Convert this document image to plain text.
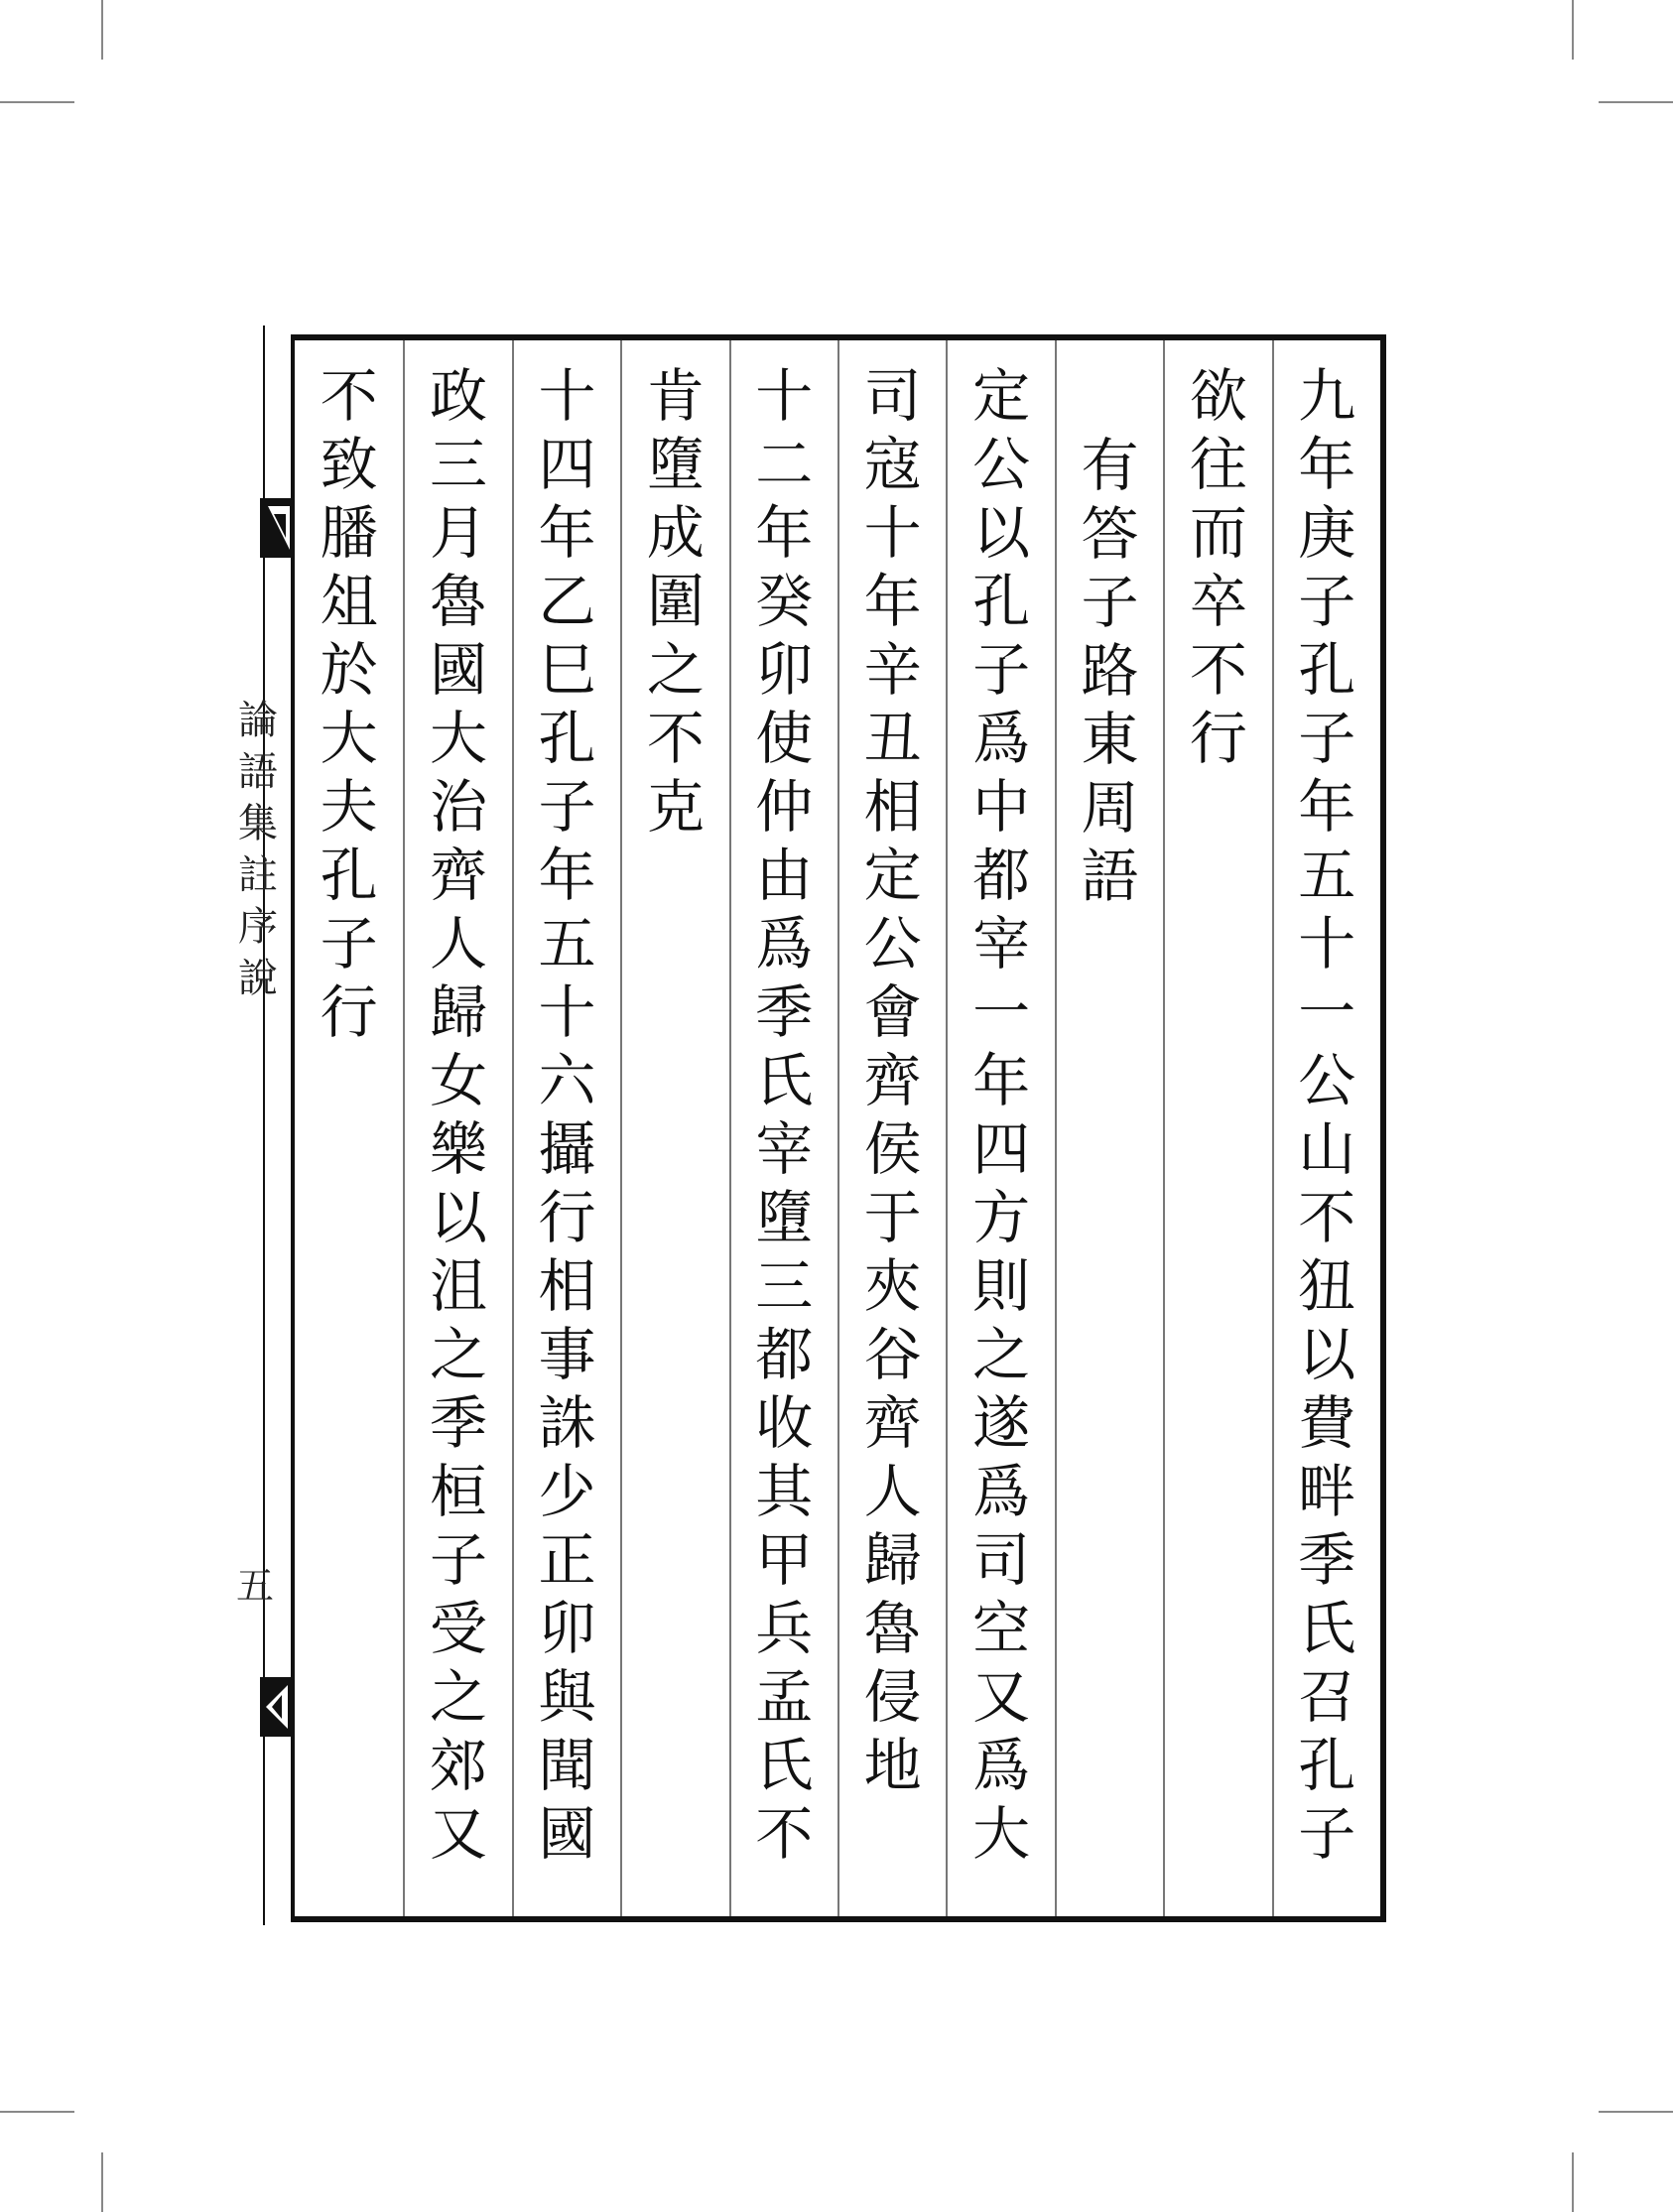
論
語
集
註
序
說
五
九
年
庚
子
孔
子
年
五
十
一
公
山
不
狃
以
費
畔
季
氏
召
孔
子
欲
往
而
卒
不
行
有
答
子
路
東
周
語
定
公
以
孔
子
爲
中
都
宰
一
年
四
方
則
之
遂
爲
司
空
又
爲
大
司
寇
十
年
辛
丑
相
定
公
會
齊
侯
于
夾
谷
齊
人
歸
魯
侵
地
十
二
年
癸
卯
使
仲
由
爲
季
氏
宰
墮
三
都
收
其
甲
兵
孟
氏
不
肯
墮
成
圍
之
不
克
十
四
年
乙
巳
孔
子
年
五
十
六
攝
行
相
事
誅
少
正
卯
與
聞
國
政
三
月
魯
國
大
治
齊
人
歸
女
樂
以
沮
之
季
桓
子
受
之
郊
又
不
致
膰
俎
於
大
夫
孔
子
行
